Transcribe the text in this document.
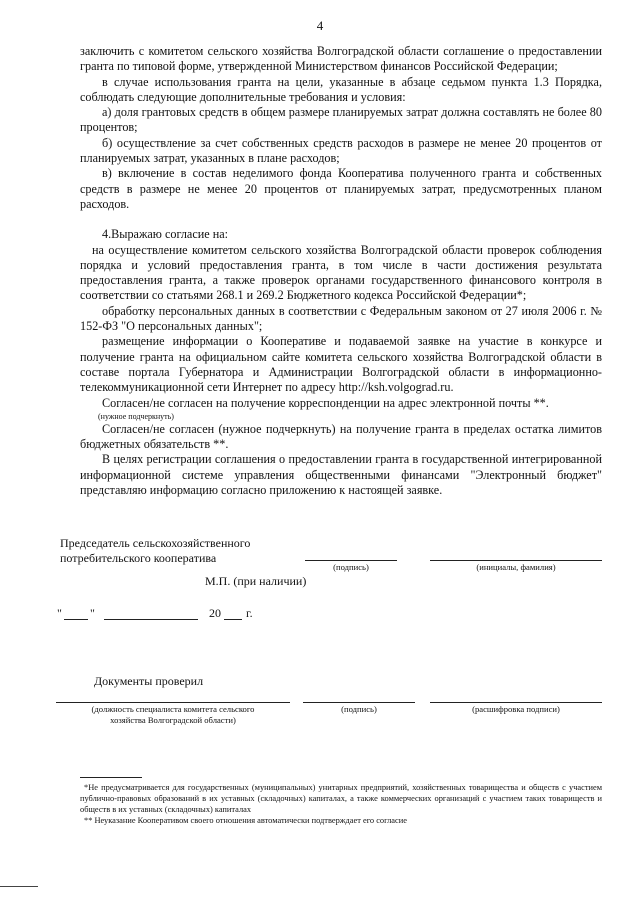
4

заключить с комитетом сельского хозяйства Волгоградской области соглашение о предоставлении гранта по типовой форме, утвержденной Министерством финансов Российской Федерации;

в случае использования гранта на цели, указанные в абзаце седьмом пункта 1.3 Порядка, соблюдать следующие дополнительные требования и условия:

а) доля грантовых средств в общем размере планируемых затрат должна составлять не более 80 процентов;

б) осуществление за счет собственных средств расходов в размере не менее 20 процентов от планируемых затрат, указанных в плане расходов;

в) включение в состав неделимого фонда Кооператива полученного гранта и собственных средств в размере не менее 20 процентов от планируемых затрат, предусмотренных планом расходов.

4.Выражаю согласие на:

на осуществление комитетом сельского хозяйства Волгоградской области проверок соблюдения порядка и условий предоставления гранта, в том числе в части достижения результата предоставления гранта, а также проверок органами государственного финансового контроля в соответствии со статьями 268.1 и 269.2 Бюджетного кодекса Российской Федерации*;

обработку персональных данных в соответствии с Федеральным законом от 27 июля 2006 г. № 152-ФЗ "О персональных данных";

размещение информации о Кооперативе и подаваемой заявке на участие в конкурсе и получение гранта на официальном сайте комитета сельского хозяйства Волгоградской области в составе портала Губернатора и Администрации Волгоградской области в информационно-телекоммуникационной сети Интернет по адресу http://ksh.volgograd.ru.

Согласен/не согласен на получение корреспонденции на адрес электронной почты **.

(нужное подчеркнуть)

Согласен/не согласен (нужное подчеркнуть) на получение гранта в пределах остатка лимитов бюджетных обязательств **.

В целях регистрации соглашения о предоставлении гранта в государственной интегрированной информационной системе управления общественными финансами "Электронный бюджет" представляю информацию согласно приложению к настоящей заявке.

Председатель сельскохозяйственного
потребительского кооператива
(подпись)	(инициалы, фамилия)
М.П. (при наличии)
" "	20 г.
Документы проверил
(должность специалиста комитета сельского
хозяйства Волгоградской области)
(подпись)	(расшифровка подписи)

*Не предусматривается для государственных (муниципальных) унитарных предприятий, хозяйственных товарищества и обществ с участием публично-правовых образований в их уставных (складочных) капиталах, а также коммерческих организаций с участием таких товариществ и обществ в их уставных (складочных) капиталах

** Неуказание Кооперативом своего отношения автоматически подтверждает его согласие
